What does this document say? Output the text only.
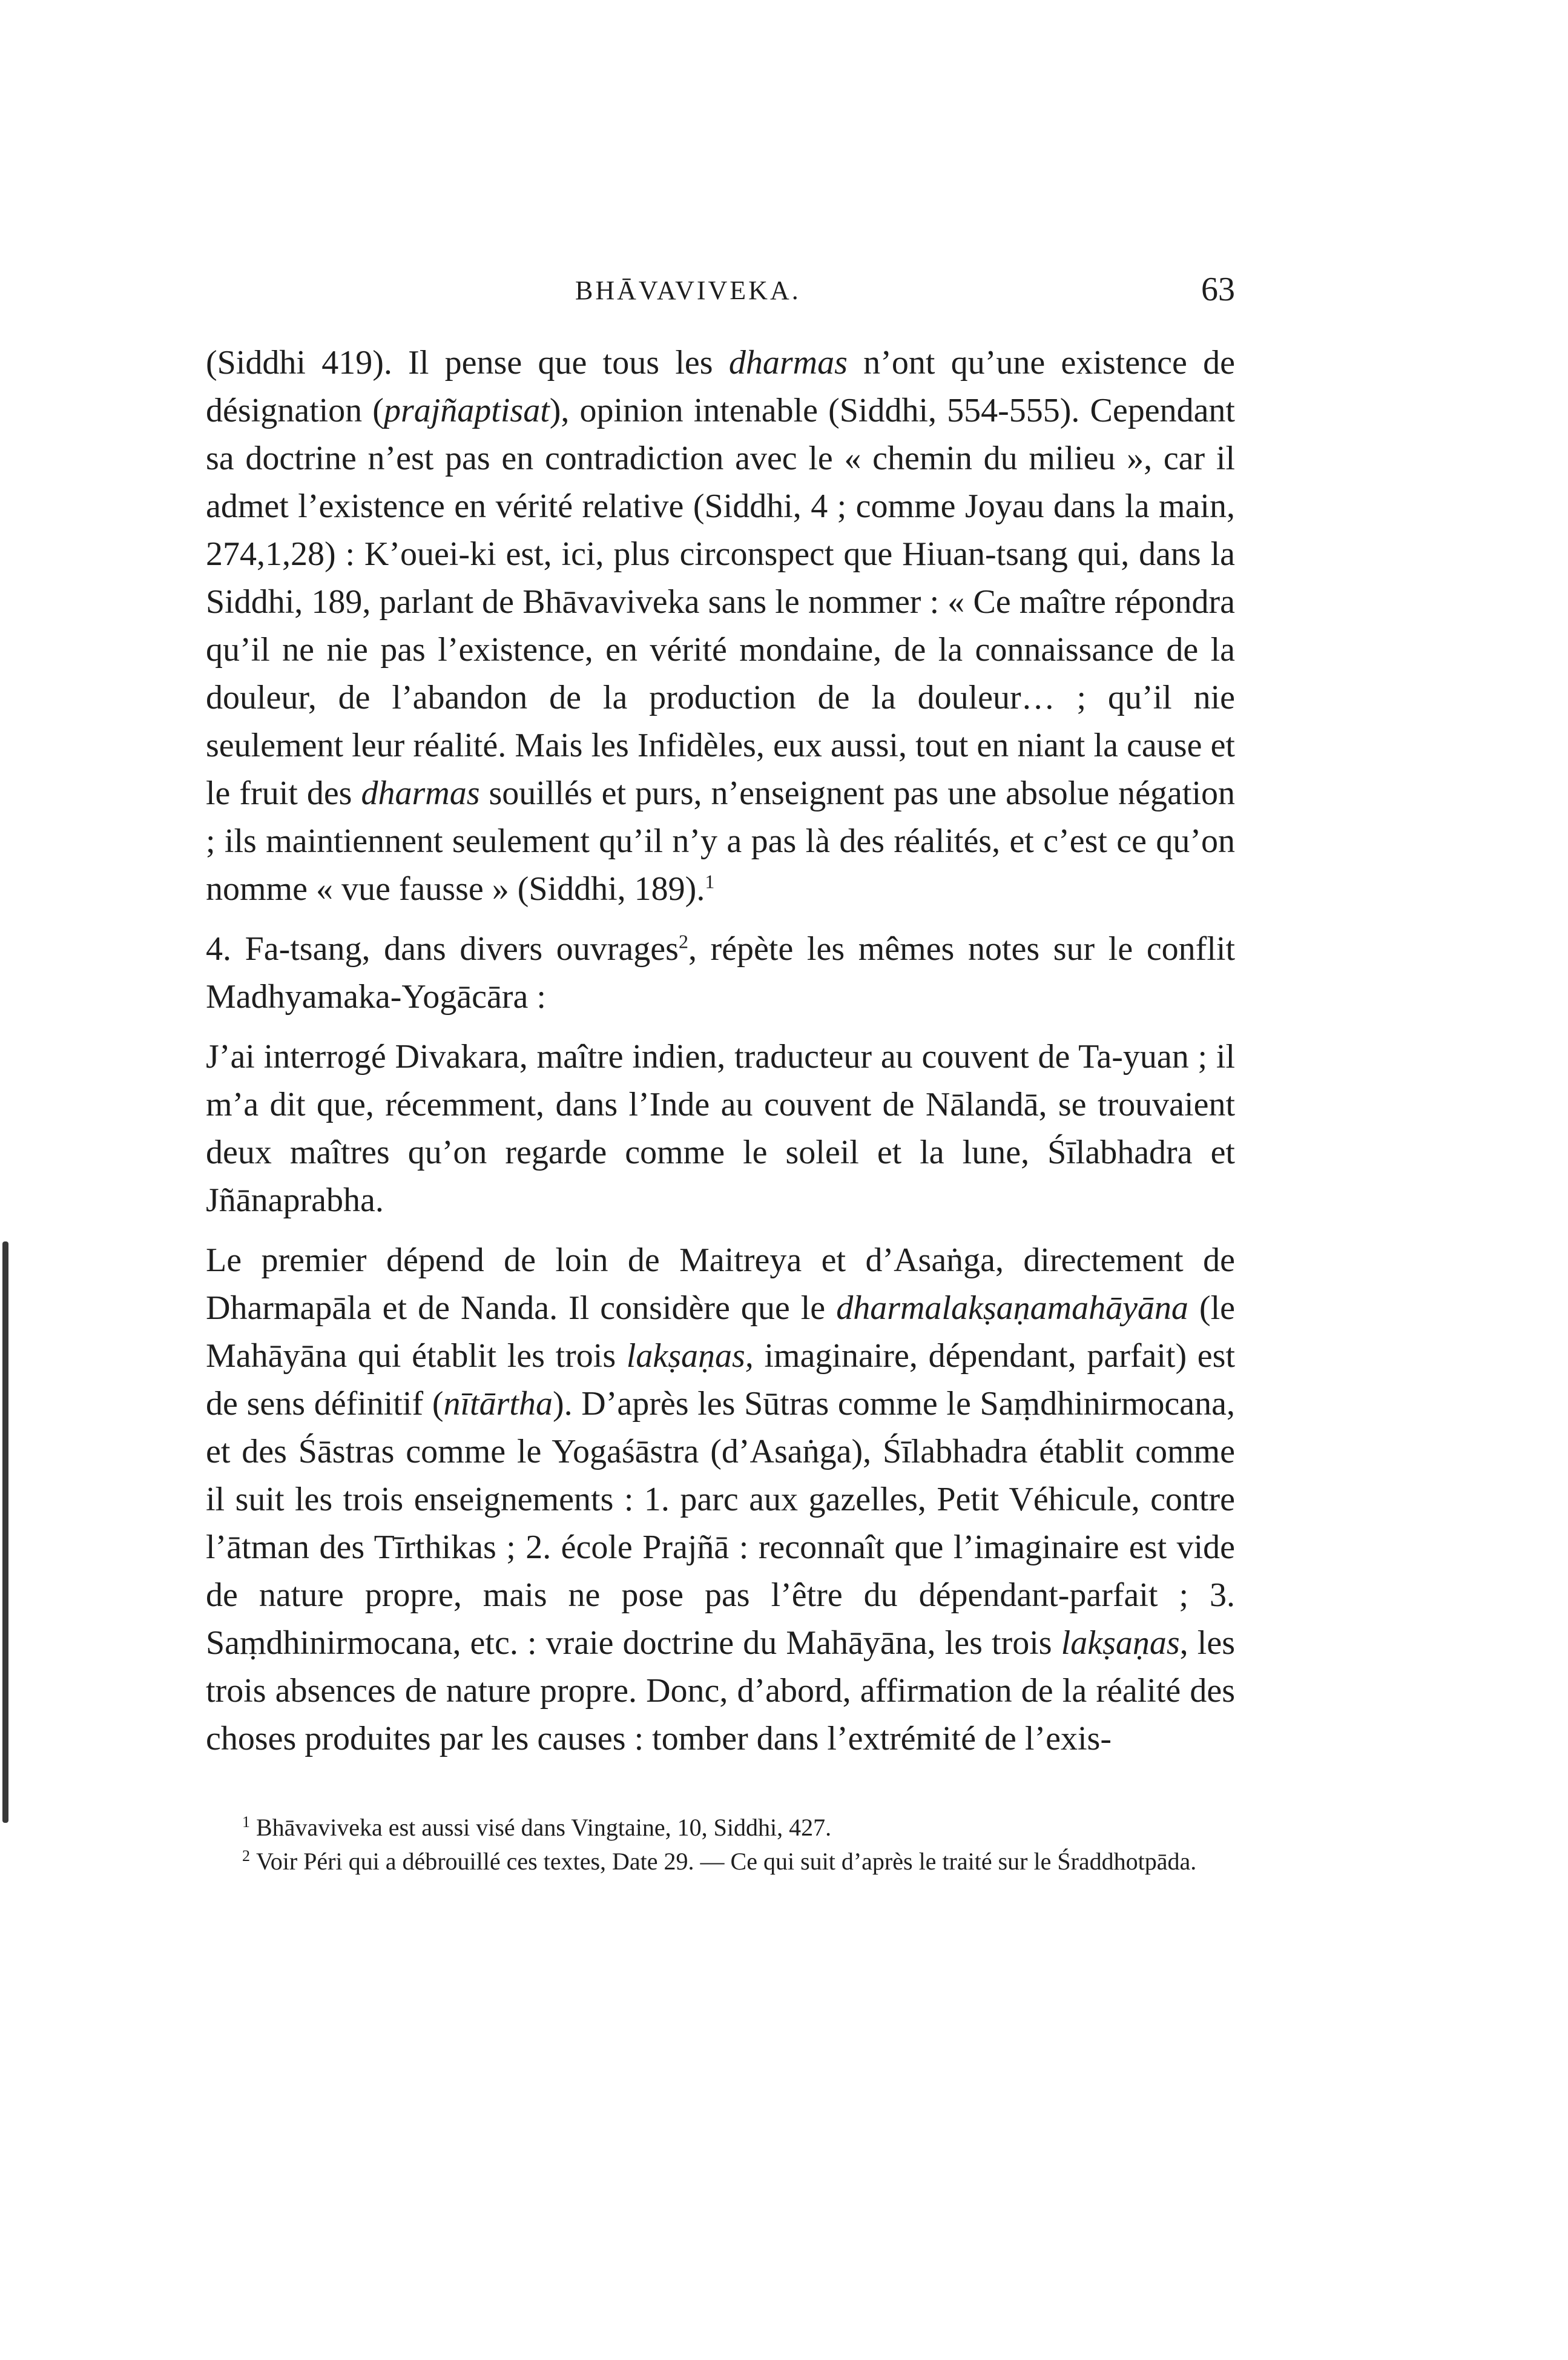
BHĀVAVIVEKA.	63

(Siddhi 419). Il pense que tous les dharmas n’ont qu’une existence de désignation (prajñaptisat), opinion intenable (Siddhi, 554-555). Cependant sa doctrine n’est pas en contradiction avec le « chemin du milieu », car il admet l’existence en vérité relative (Siddhi, 4 ; comme Joyau dans la main, 274,1,28) : K’ouei-ki est, ici, plus circonspect que Hiuan-tsang qui, dans la Siddhi, 189, parlant de Bhāvaviveka sans le nommer : « Ce maître répondra qu’il ne nie pas l’existence, en vérité mondaine, de la connaissance de la douleur, de l’abandon de la production de la douleur… ; qu’il nie seulement leur réalité. Mais les Infidèles, eux aussi, tout en niant la cause et le fruit des dharmas souillés et purs, n’enseignent pas une absolue négation ; ils maintiennent seulement qu’il n’y a pas là des réalités, et c’est ce qu’on nomme « vue fausse » (Siddhi, 189).$^1$

4. Fa-tsang, dans divers ouvrages$^2$, répète les mêmes notes sur le conflit Madhyamaka-Yogācāra :

J’ai interrogé Divakara, maître indien, traducteur au couvent de Ta-yuan ; il m’a dit que, récemment, dans l’Inde au couvent de Nālandā, se trouvaient deux maîtres qu’on regarde comme le soleil et la lune, Śīlabhadra et Jñānaprabha.

Le premier dépend de loin de Maitreya et d’Asaṅga, directement de Dharmapāla et de Nanda. Il considère que le dharmalakṣaṇamahāyāna (le Mahāyāna qui établit les trois lakṣaṇas, imaginaire, dépendant, parfait) est de sens définitif (nītārtha). D’après les Sūtras comme le Saṃdhinirmocana, et des Śāstras comme le Yogaśāstra (d’Asaṅga), Śīlabhadra établit comme il suit les trois enseignements : 1. parc aux gazelles, Petit Véhicule, contre l’ātman des Tīrthikas ; 2. école Prajñā : reconnaît que l’imaginaire est vide de nature propre, mais ne pose pas l’être du dépendant-parfait ; 3. Saṃdhinirmocana, etc. : vraie doctrine du Mahāyāna, les trois lakṣaṇas, les trois absences de nature propre. Donc, d’abord, affirmation de la réalité des choses produites par les causes : tomber dans l’extrémité de l’exis-

$^1$ Bhāvaviveka est aussi visé dans Vingtaine, 10, Siddhi, 427.

$^2$ Voir Péri qui a débrouillé ces textes, Date 29. — Ce qui suit d’après le traité sur le Śraddhotpāda.
